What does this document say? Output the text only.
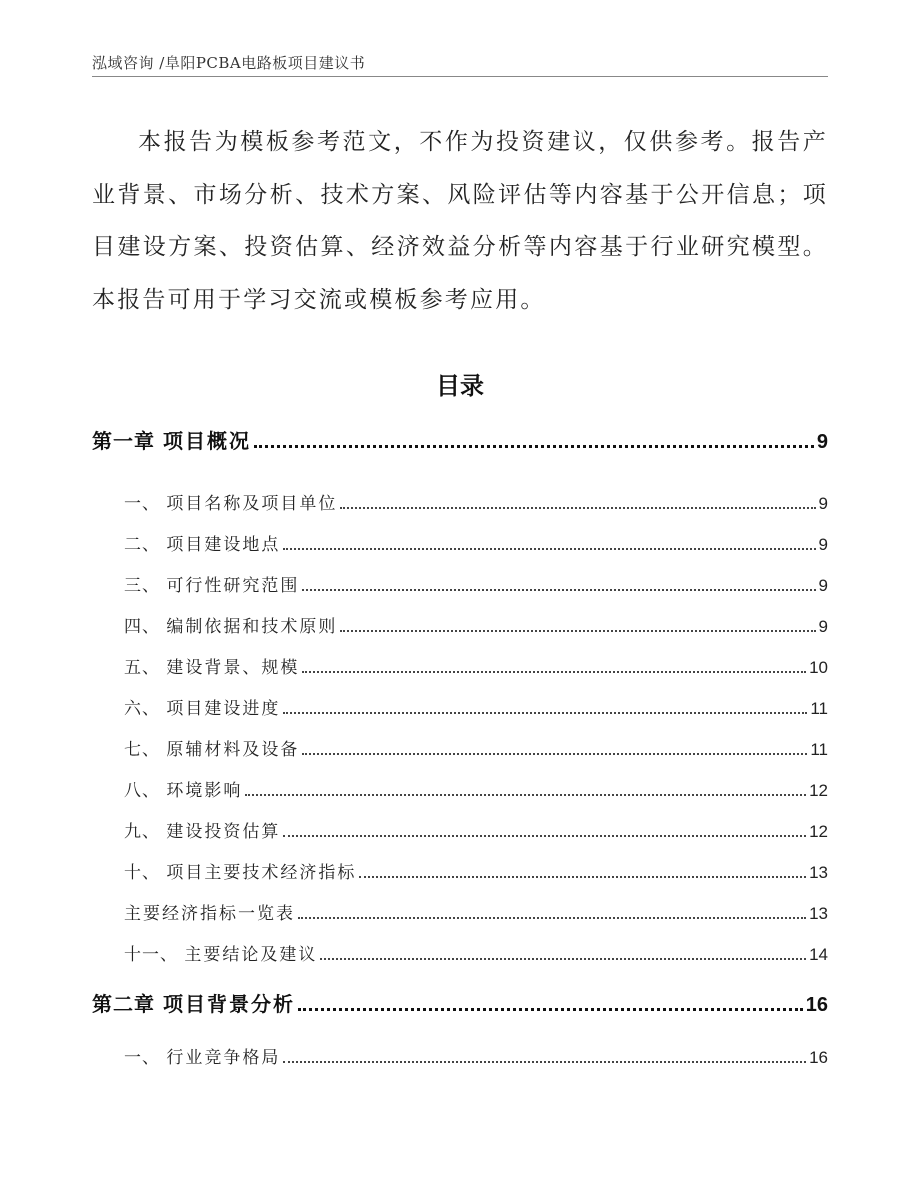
泓域咨询 /阜阳PCBA电路板项目建议书

本报告为模板参考范文，不作为投资建议，仅供参考。报告产业背景、市场分析、技术方案、风险评估等内容基于公开信息；项目建设方案、投资估算、经济效益分析等内容基于行业研究模型。本报告可用于学习交流或模板参考应用。

目录
第一章 项目概况	9
一、 项目名称及项目单位	9
二、 项目建设地点	9
三、 可行性研究范围	9
四、 编制依据和技术原则	9
五、 建设背景、规模	10
六、 项目建设进度	11
七、 原辅材料及设备	11
八、 环境影响	12
九、 建设投资估算	12
十、 项目主要技术经济指标	13
主要经济指标一览表	13
十一、 主要结论及建议	14
第二章 项目背景分析	16
一、 行业竞争格局	16
